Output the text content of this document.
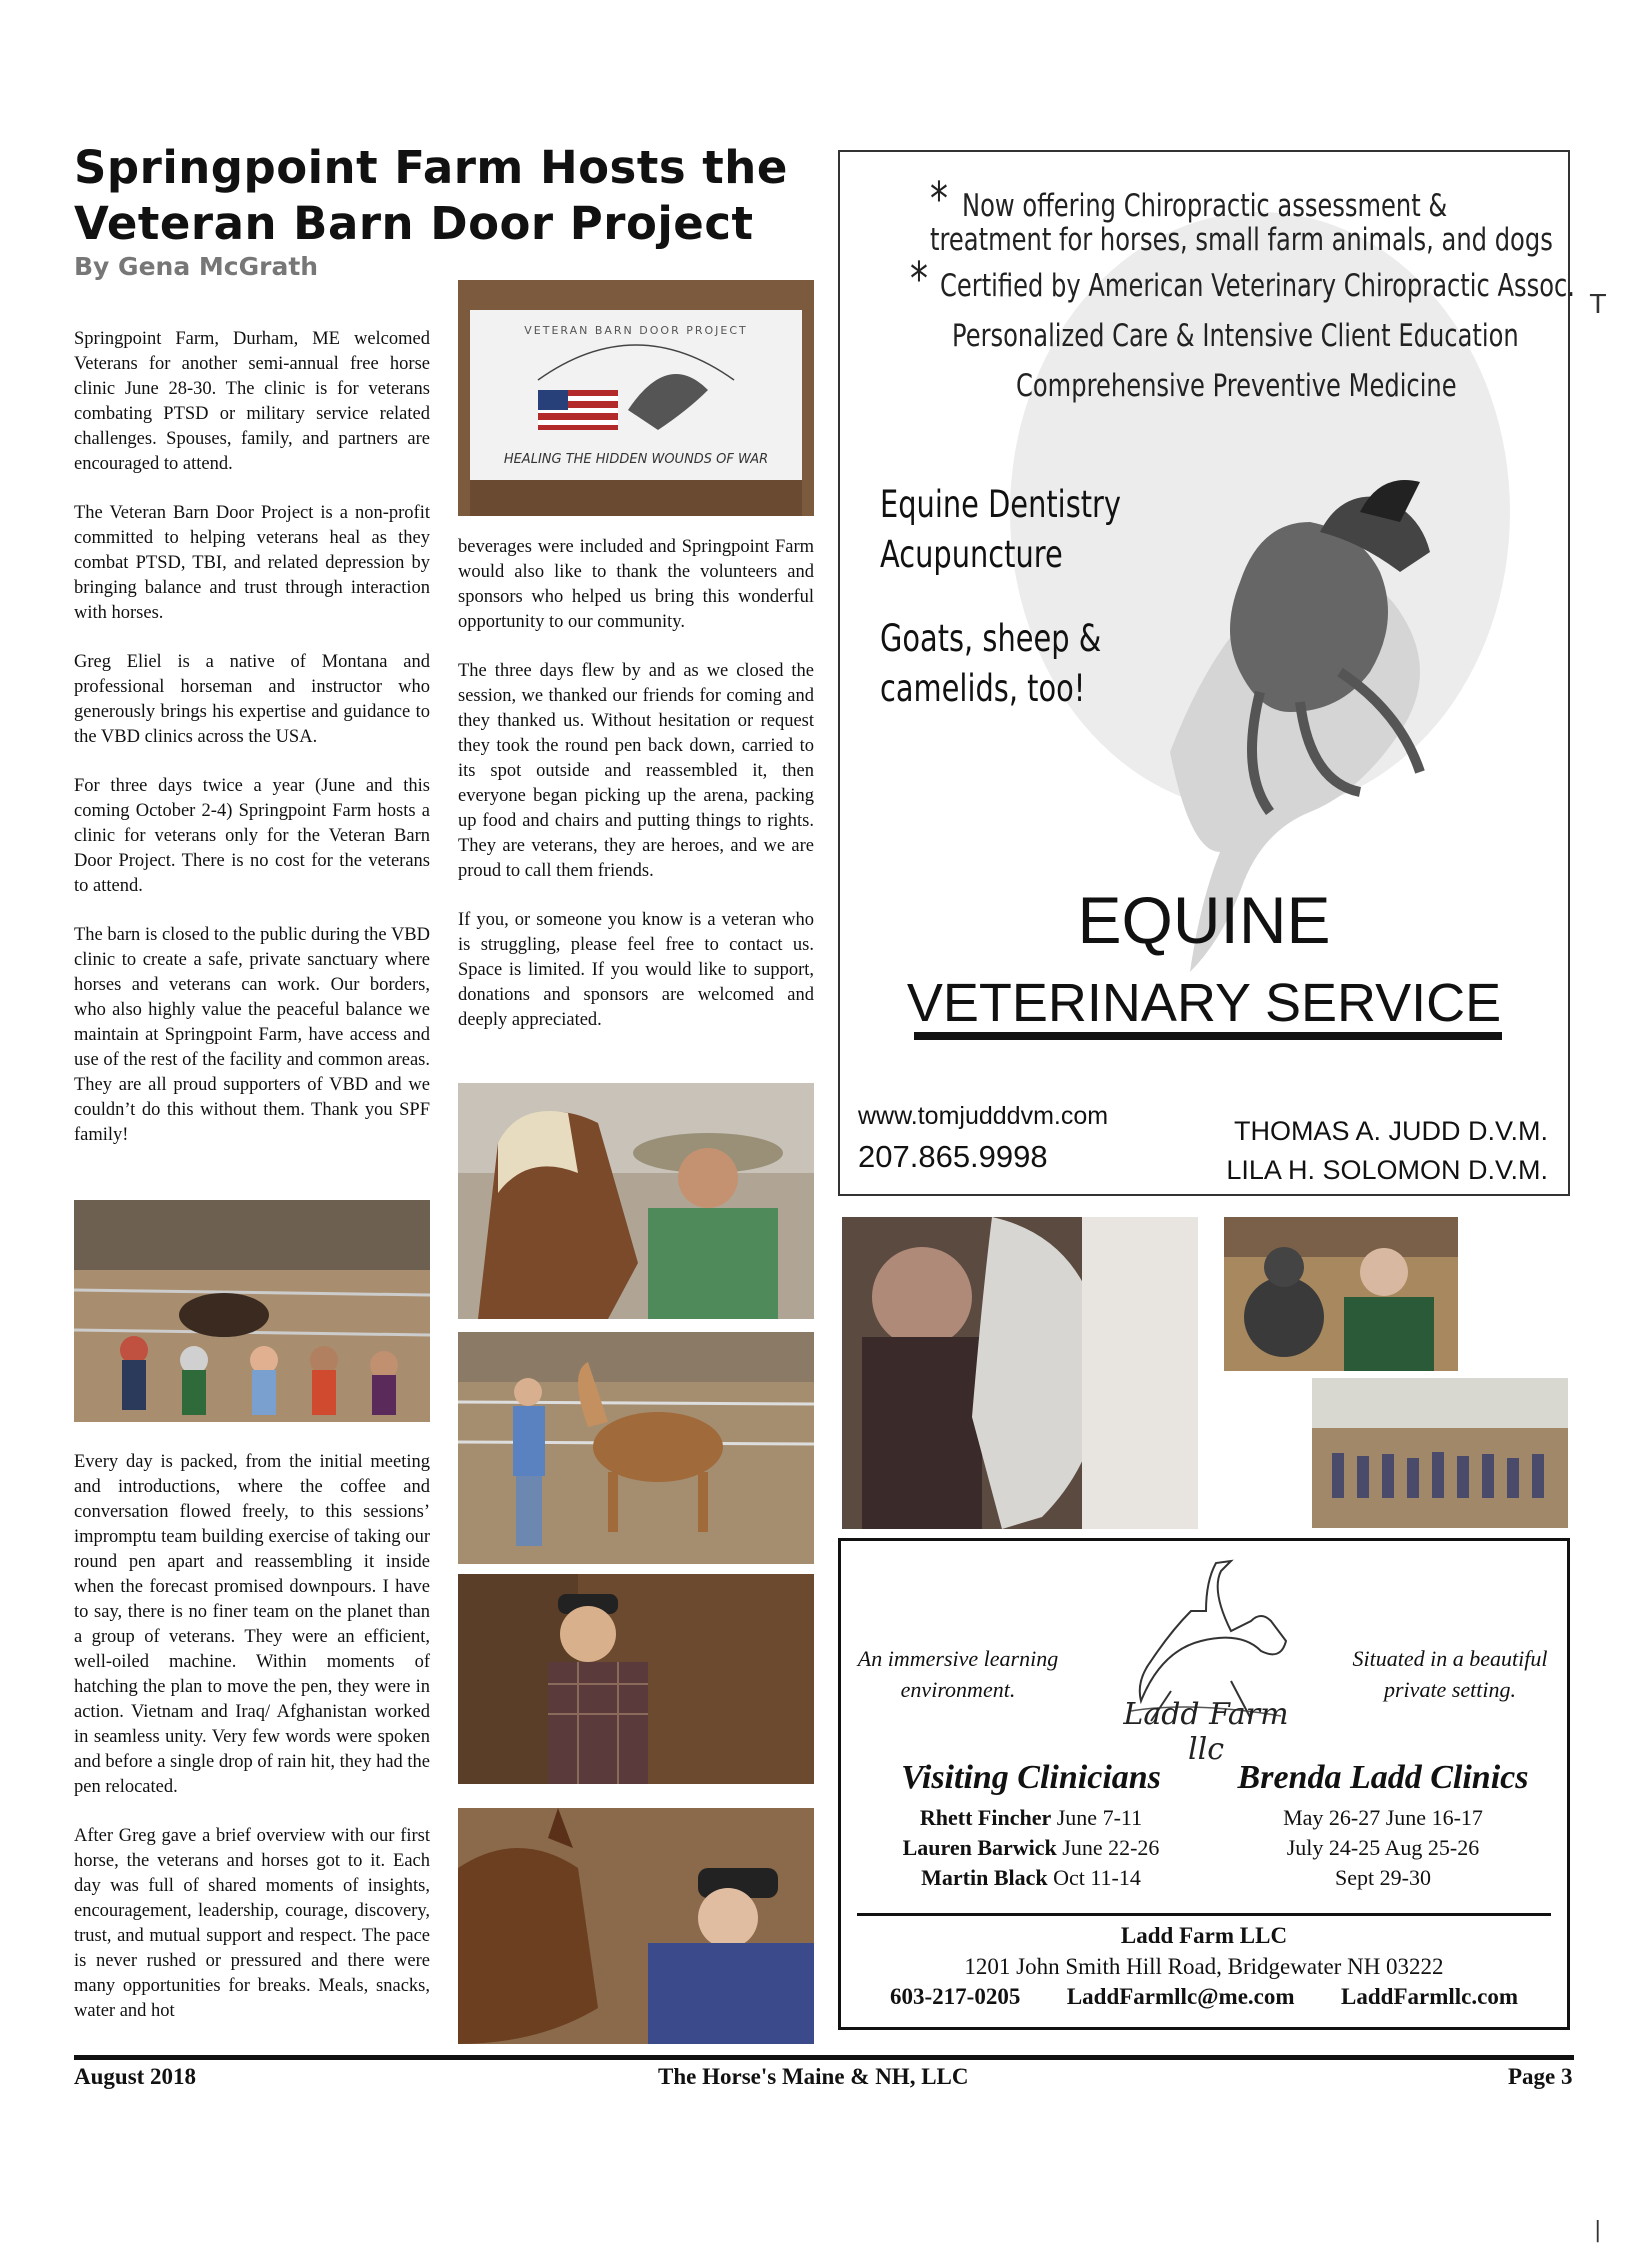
Springpoint Farm Hosts the Veteran Barn Door Project
By Gena McGrath

Springpoint Farm, Durham, ME welcomed Veterans for another semi-annual free horse clinic June 28-30. The clinic is for veterans combating PTSD or military service related challenges. Spouses, family, and partners are encouraged to attend.

The Veteran Barn Door Project is a non-profit committed to helping veterans heal as they combat PTSD, TBI, and related depression by bringing balance and trust through interaction with horses.

Greg Eliel is a native of Montana and professional horseman and instructor who generously brings his expertise and guidance to the VBD clinics across the USA.

For three days twice a year (June and this coming October 2-4) Springpoint Farm hosts a clinic for veterans only for the Veteran Barn Door Project. There is no cost for the veterans to attend.

The barn is closed to the public during the VBD clinic to create a safe, private sanctuary where horses and veterans can work. Our borders, who also highly value the peaceful balance we maintain at Springpoint Farm, have access and use of the rest of the facility and common areas. They are all proud supporters of VBD and we couldn’t do this without them. Thank you SPF family!

Every day is packed, from the initial meeting and introductions, where the coffee and conversation flowed freely, to this sessions’ impromptu team building exercise of taking our round pen apart and reassembling it inside when the forecast promised downpours. I have to say, there is no finer team on the planet than a group of veterans. They were an efficient, well-oiled machine. Within moments of hatching the plan to move the pen, they were in action. Vietnam and Iraq/ Afghanistan worked in seamless unity. Very few words were spoken and before a single drop of rain hit, they had the pen relocated.

After Greg gave a brief overview with our first horse, the veterans and horses got to it. Each day was full of shared moments of insights, encouragement, leadership, courage, discovery, trust, and mutual support and respect. The pace is never rushed or pressured and there were many opportunities for breaks. Meals, snacks, water and hot

HEALING THE HIDDEN WOUNDS OF WAR
VETERAN BARN DOOR PROJECT

beverages were included and Springpoint Farm would also like to thank the volunteers and sponsors who helped us bring this wonderful opportunity to our community.

The three days flew by and as we closed the session, we thanked our friends for coming and they thanked us. Without hesitation or request they took the round pen back down, carried to its spot outside and reassembled it, then everyone began picking up the arena, packing up food and chairs and putting things to rights. They are veterans, they are heroes, and we are proud to call them friends.

If you, or someone you know is a veteran who is struggling, please feel free to contact us. Space is limited. If you would like to support, donations and sponsors are welcomed and deeply appreciated.

* Now offering Chiropractic assessment &
treatment for horses, small farm animals, and dogs
* Certified by American Veterinary Chiropractic Assoc.
Personalized Care & Intensive Client Education
Comprehensive Preventive Medicine
Equine Dentistry
Acupuncture
Goats, sheep &
camelids, too!
EQUINE
VETERINARY SERVICE
www.tomjudddvm.com
207.865.9998
THOMAS A. JUDD D.V.M.
LILA H. SOLOMON D.V.M.
An immersive learning environment.
Situated in a beautiful private setting.
Ladd Farm llc
Visiting Clinicians
Rhett Fincher June 7-11
Lauren Barwick June 22-26
Martin Black Oct 11-14
Brenda Ladd Clinics
May 26-27 June 16-17
July 24-25 Aug 25-26
Sept 29-30
Ladd Farm LLC
1201 John Smith Hill Road, Bridgewater NH 03222
603-217-0205 LaddFarmllc@me.com LaddFarmllc.com
T
|
August 2018	The Horse's Maine & NH, LLC	Page 3
